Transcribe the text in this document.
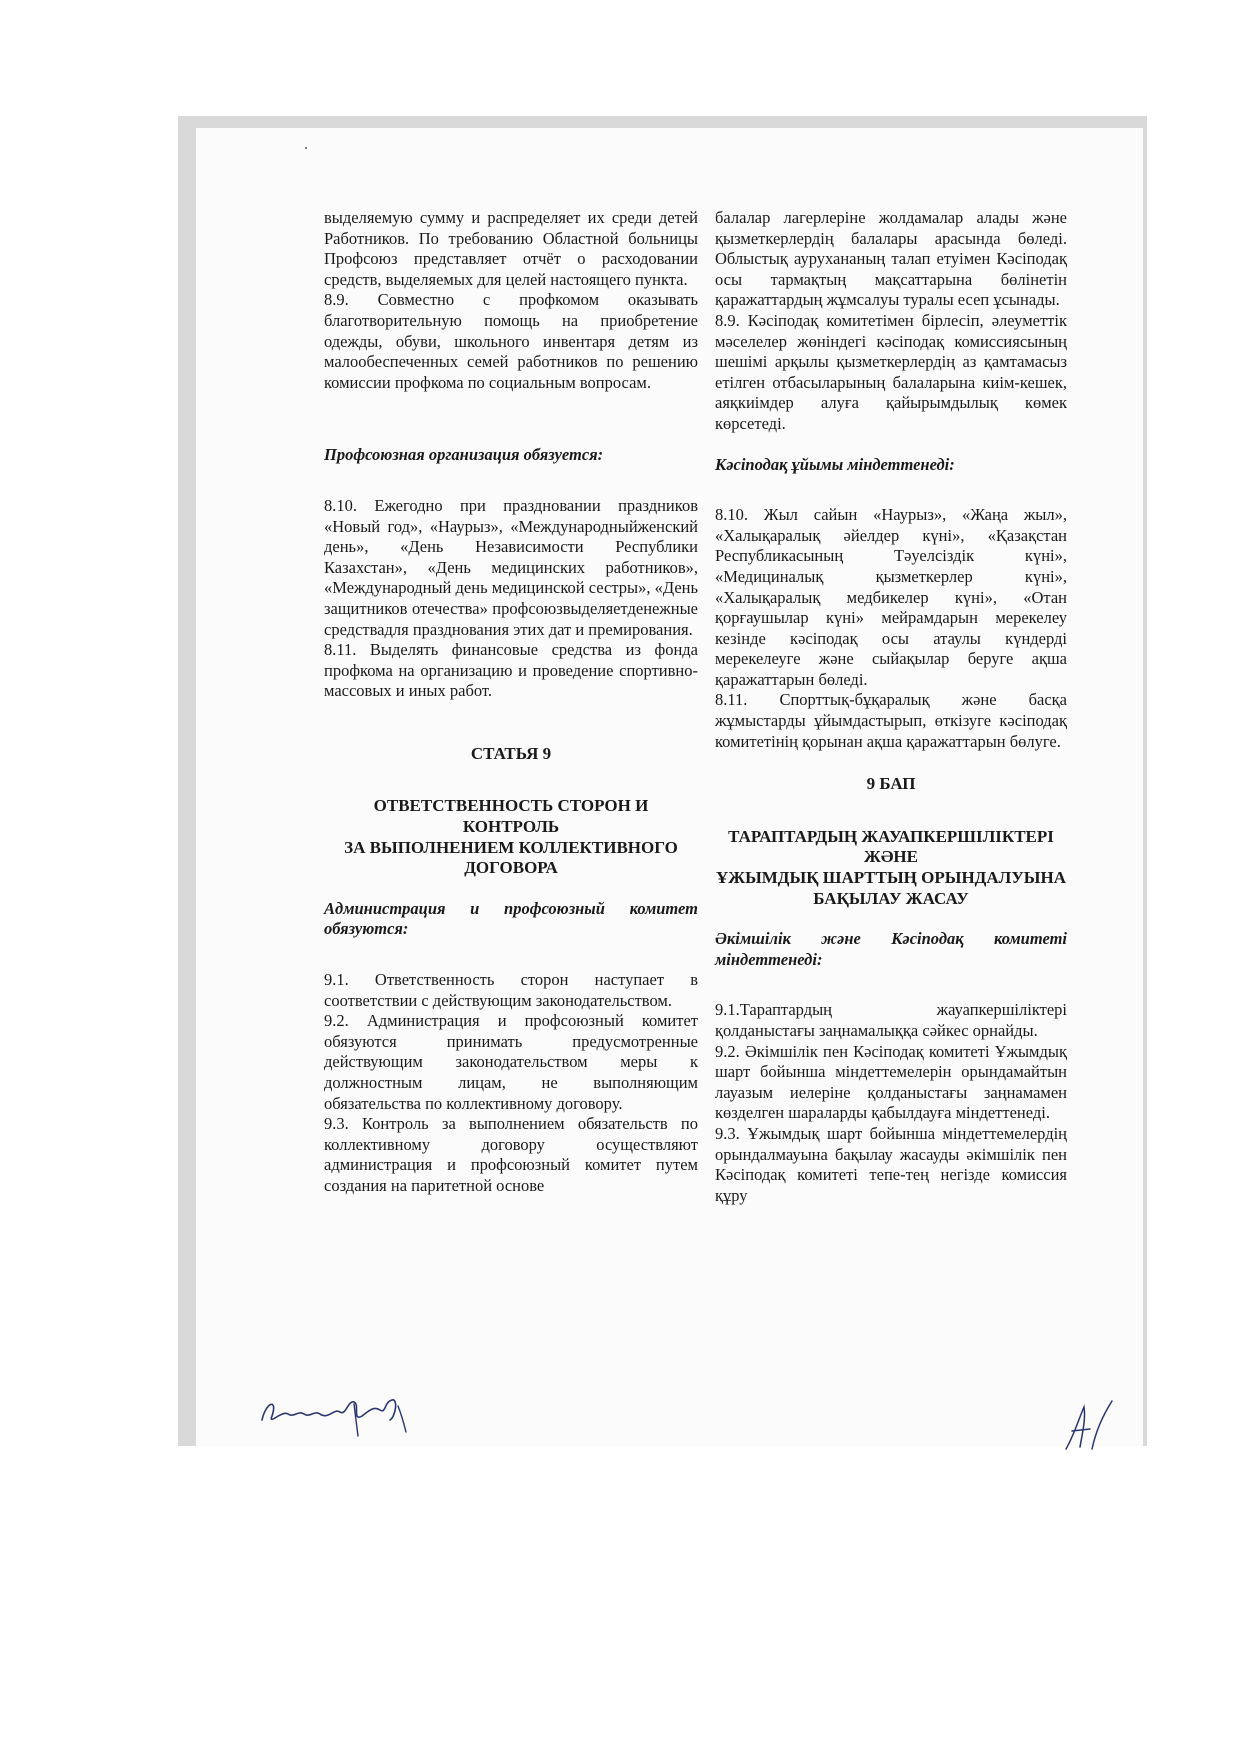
выделяемую сумму и распределяет их среди детей Работников. По требованию Областной больницы Профсоюз представляет отчёт о расходовании средств, выделяемых для целей настоящего пункта.

8.9. Совместно с профкомом оказывать благотворительную помощь на приобретение одежды, обуви, школьного инвентаря детям из малообеспеченных семей работников по решению комиссии профкома по социальным вопросам.

Профсоюзная организация обязуется:

8.10. Ежегодно при праздновании праздников «Новый год», «Наурыз», «Международныйженский день», «День Независимости Республики Казахстан», «День медицинских работников», «Международный день медицинской сестры», «День защитников отечества» профсоюзвыделяетденежные средствадля празднования этих дат и премирования.

8.11. Выделять финансовые средства из фонда профкома на организацию и проведение спортивно-массовых и иных работ.

СТАТЬЯ 9

ОТВЕТСТВЕННОСТЬ СТОРОН И КОНТРОЛЬ

ЗА ВЫПОЛНЕНИЕМ КОЛЛЕКТИВНОГО ДОГОВОРА

Администрация и профсоюзный комитет обязуются:

9.1. Ответственность сторон наступает в соответствии с действующим законодательством.

9.2. Администрация и профсоюзный комитет обязуются принимать предусмотренные действующим законодательством меры к должностным лицам, не выполняющим обязательства по коллективному договору.

9.3. Контроль за выполнением обязательств по коллективному договору осуществляют администрация и профсоюзный комитет путем создания на паритетной основе

балалар лагерлеріне жолдамалар алады және қызметкерлердің балалары арасында бөледі. Облыстық аурухананың талап етуімен Кәсіподақ осы тармақтың мақсаттарына бөлінетін қаражаттардың жұмсалуы туралы есеп ұсынады.

8.9. Кәсіподақ комитетімен бірлесіп, әлеуметтік мәселелер жөніндегі кәсіподақ комиссиясының шешімі арқылы қызметкерлердің аз қамтамасыз етілген отбасыларының балаларына киім-кешек, аяқкиімдер алуға қайырымдылық көмек көрсетеді.

Кәсіподақ ұйымы міндеттенеді:

8.10. Жыл сайын «Наурыз», «Жаңа жыл», «Халықаралық әйелдер күні», «Қазақстан Республикасының Тәуелсіздік күні», «Медициналық қызметкерлер күні», «Халықаралық медбикелер күні», «Отан қорғаушылар күні» мейрамдарын мерекелеу кезінде кәсіподақ осы атаулы күндерді мерекелеуге және сыйақылар беруге ақша қаражаттарын бөледі.

8.11. Спорттық-бұқаралық және басқа жұмыстарды ұйымдастырып, өткізуге кәсіподақ комитетінің қорынан ақша қаражаттарын бөлуге.

9 БАП

ТАРАПТАРДЫҢ ЖАУАПКЕРШІЛІКТЕРІ ЖӘНЕ

ҰЖЫМДЫҚ ШАРТТЫҢ ОРЫНДАЛУЫНА БАҚЫЛАУ ЖАСАУ

Әкімшілік және Кәсіподақ комитеті міндеттенеді:

9.1.Тараптардың жауапкершіліктері қолданыстағы заңнамалыққа сәйкес орнайды.

9.2. Әкімшілік пен Кәсіподақ комитеті Ұжымдық шарт бойынша міндеттемелерін орындамайтын лауазым иелеріне қолданыстағы заңнамамен көзделген шараларды қабылдауға міндеттенеді.

9.3. Ұжымдық шарт бойынша міндеттемелердің орындалмауына бақылау жасауды әкімшілік пен Кәсіподақ комитеті тепе-тең негізде комиссия құру
